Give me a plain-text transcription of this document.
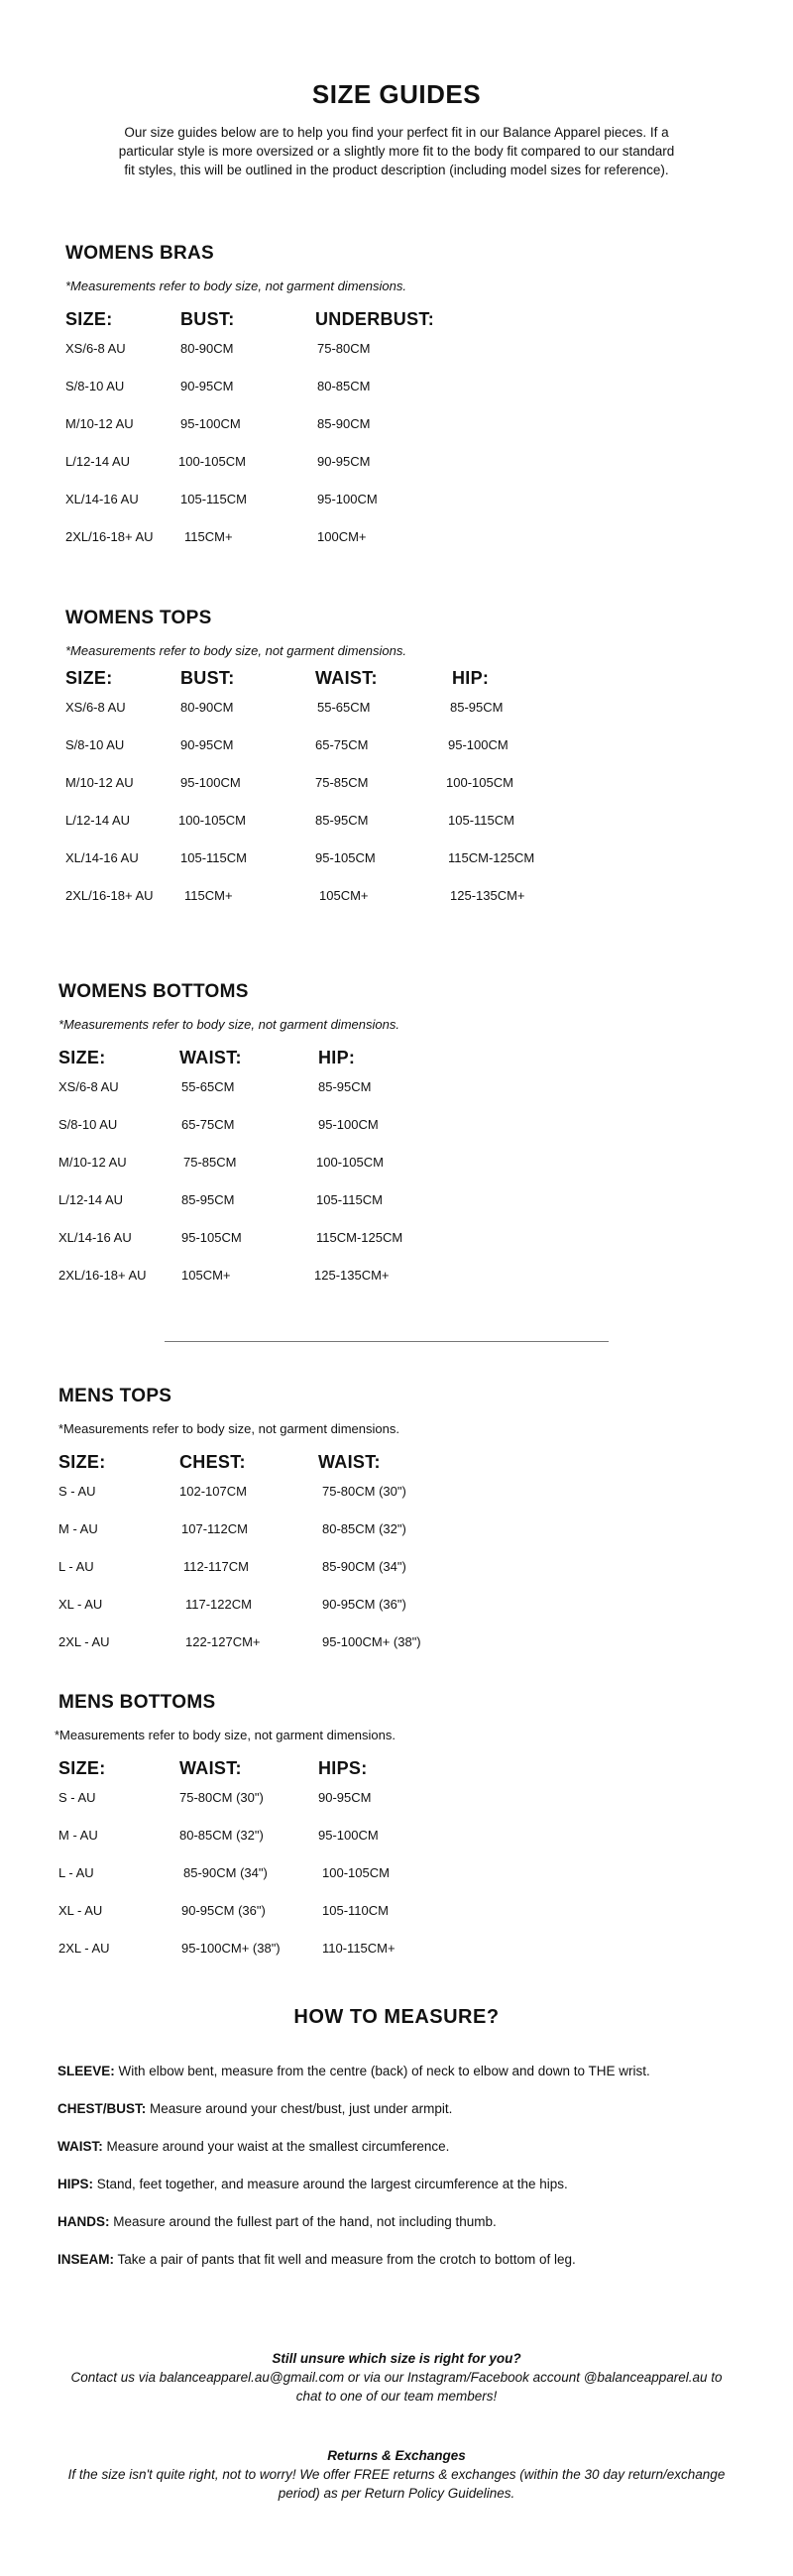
SIZE GUIDES
Our size guides below are to help you find your perfect fit in our Balance Apparel pieces. If a particular style is more oversized or a slightly more fit to the body fit compared to our standard fit styles, this will be outlined in the product description (including model sizes for reference).
WOMENS BRAS
*Measurements refer to body size, not garment dimensions.
SIZE:	BUST:	UNDERBUST:
XS/6-8 AU	80-90CM	75-80CM
S/8-10 AU	90-95CM	80-85CM
M/10-12 AU	95-100CM	85-90CM
L/12-14 AU	100-105CM	90-95CM
XL/14-16 AU	105-115CM	95-100CM
2XL/16-18+ AU 115CM+	100CM+
WOMENS TOPS
*Measurements refer to body size, not garment dimensions.
SIZE:	BUST:	WAIST:	HIP:
XS/6-8 AU	80-90CM	55-65CM	85-95CM
S/8-10 AU	90-95CM	65-75CM	95-100CM
M/10-12 AU	95-100CM	75-85CM	100-105CM
L/12-14 AU	100-105CM	85-95CM	105-115CM
XL/14-16 AU	105-115CM	95-105CM	115CM-125CM
2XL/16-18+ AU 115CM+	105CM+	125-135CM+
WOMENS BOTTOMS
*Measurements refer to body size, not garment dimensions.
SIZE:	WAIST:	HIP:
XS/6-8 AU	55-65CM	85-95CM
S/8-10 AU	65-75CM	95-100CM
M/10-12 AU	75-85CM	100-105CM
L/12-14 AU	85-95CM	105-115CM
XL/14-16 AU	95-105CM	115CM-125CM
2XL/16-18+ AU	105CM+	125-135CM+
MENS TOPS
*Measurements refer to body size, not garment dimensions.
SIZE:	CHEST:	WAIST:
S - AU	102-107CM	75-80CM (30")
M - AU	107-112CM	80-85CM (32")
L - AU	112-117CM	85-90CM (34")
XL - AU	117-122CM	90-95CM (36")
2XL - AU	122-127CM+	95-100CM+ (38")
MENS BOTTOMS
*Measurements refer to body size, not garment dimensions.
SIZE:	WAIST:	HIPS:
S - AU	75-80CM (30")	90-95CM
M - AU	80-85CM (32")	95-100CM
L - AU	85-90CM (34")	100-105CM
XL - AU	90-95CM (36")	105-110CM
2XL - AU	95-100CM+ (38")	110-115CM+
HOW TO MEASURE?
SLEEVE: With elbow bent, measure from the centre (back) of neck to elbow and down to THE wrist.
CHEST/BUST: Measure around your chest/bust, just under armpit.
WAIST: Measure around your waist at the smallest circumference.
HIPS: Stand, feet together, and measure around the largest circumference at the hips.
HANDS: Measure around the fullest part of the hand, not including thumb.
INSEAM: Take a pair of pants that fit well and measure from the crotch to bottom of leg.
Still unsure which size is right for you?
Contact us via balanceapparel.au@gmail.com or via our Instagram/Facebook account @balanceapparel.au to chat to one of our team members!
Returns & Exchanges
If the size isn't quite right, not to worry! We offer FREE returns & exchanges (within the 30 day return/exchange period) as per Return Policy Guidelines.
